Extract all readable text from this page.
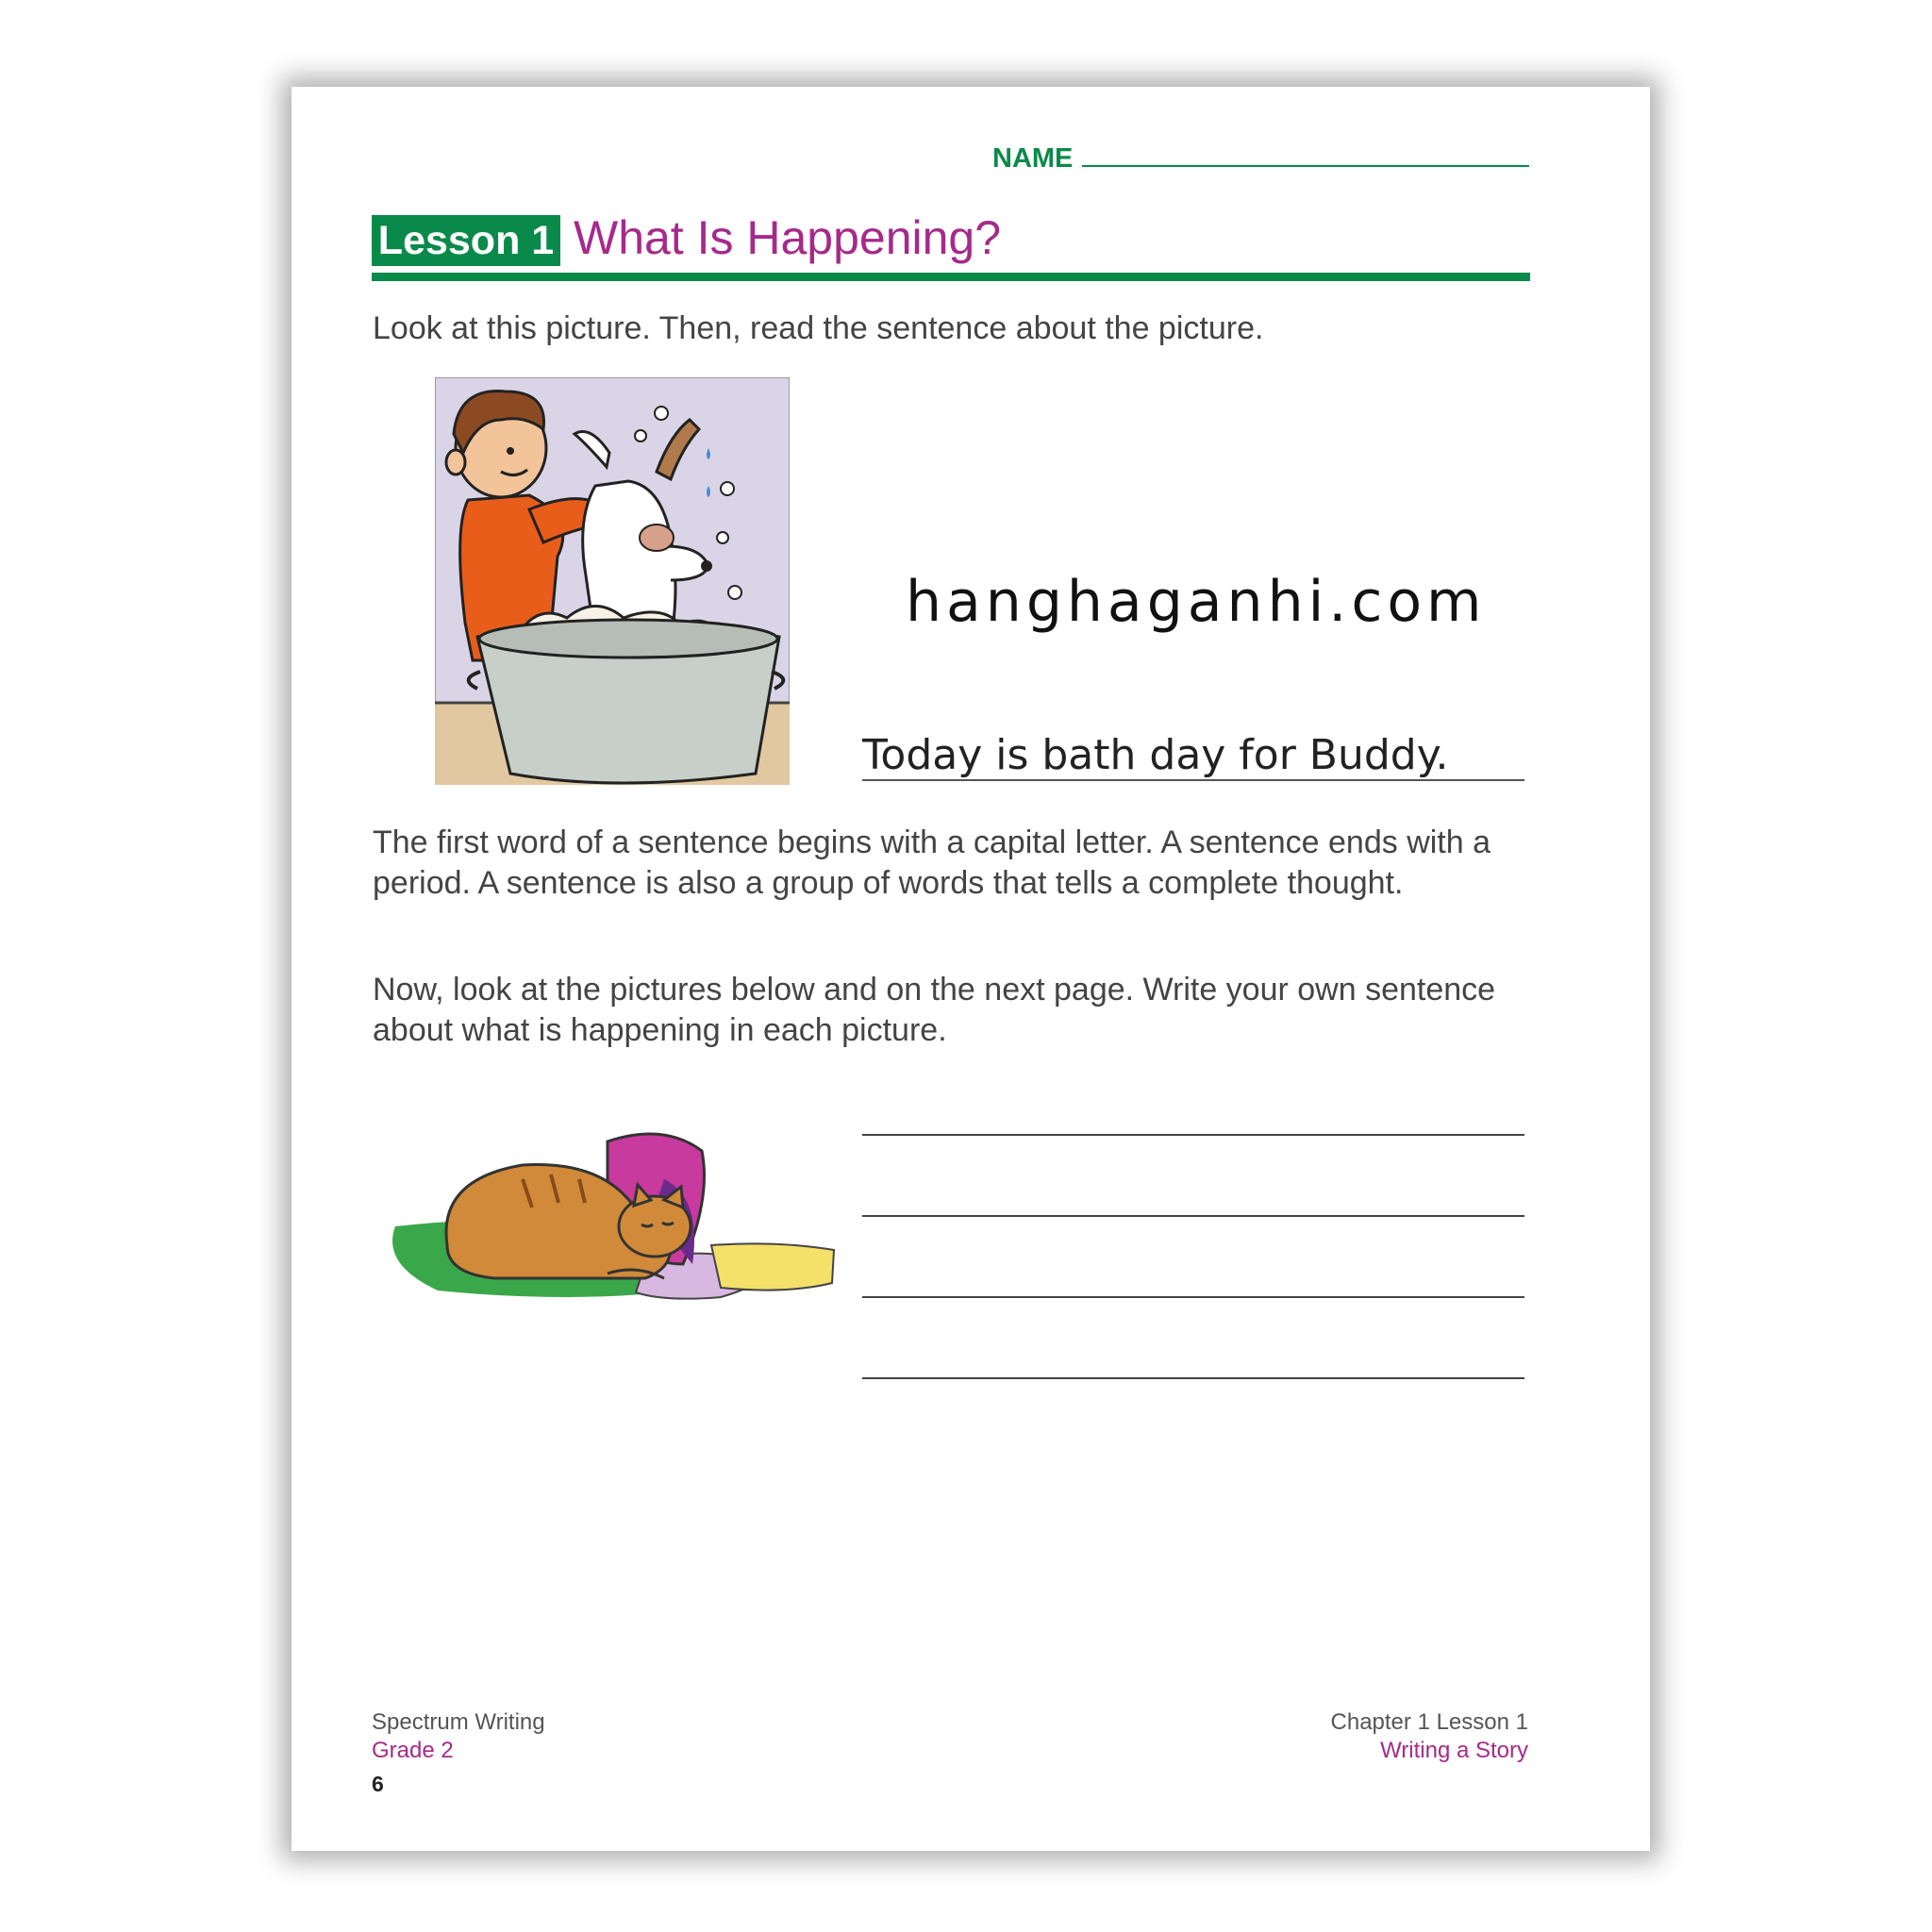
NAME
Lesson 1 What Is Happening?
Look at this picture. Then, read the sentence about the picture.
hanghaganhi.com
Today is bath day for Buddy.
The first word of a sentence begins with a capital letter. A sentence ends with a period. A sentence is also a group of words that tells a complete thought.
Now, look at the pictures below and on the next page. Write your own sentence about what is happening in each picture.
Spectrum Writing
Grade 2
6
Chapter 1 Lesson 1
Writing a Story
